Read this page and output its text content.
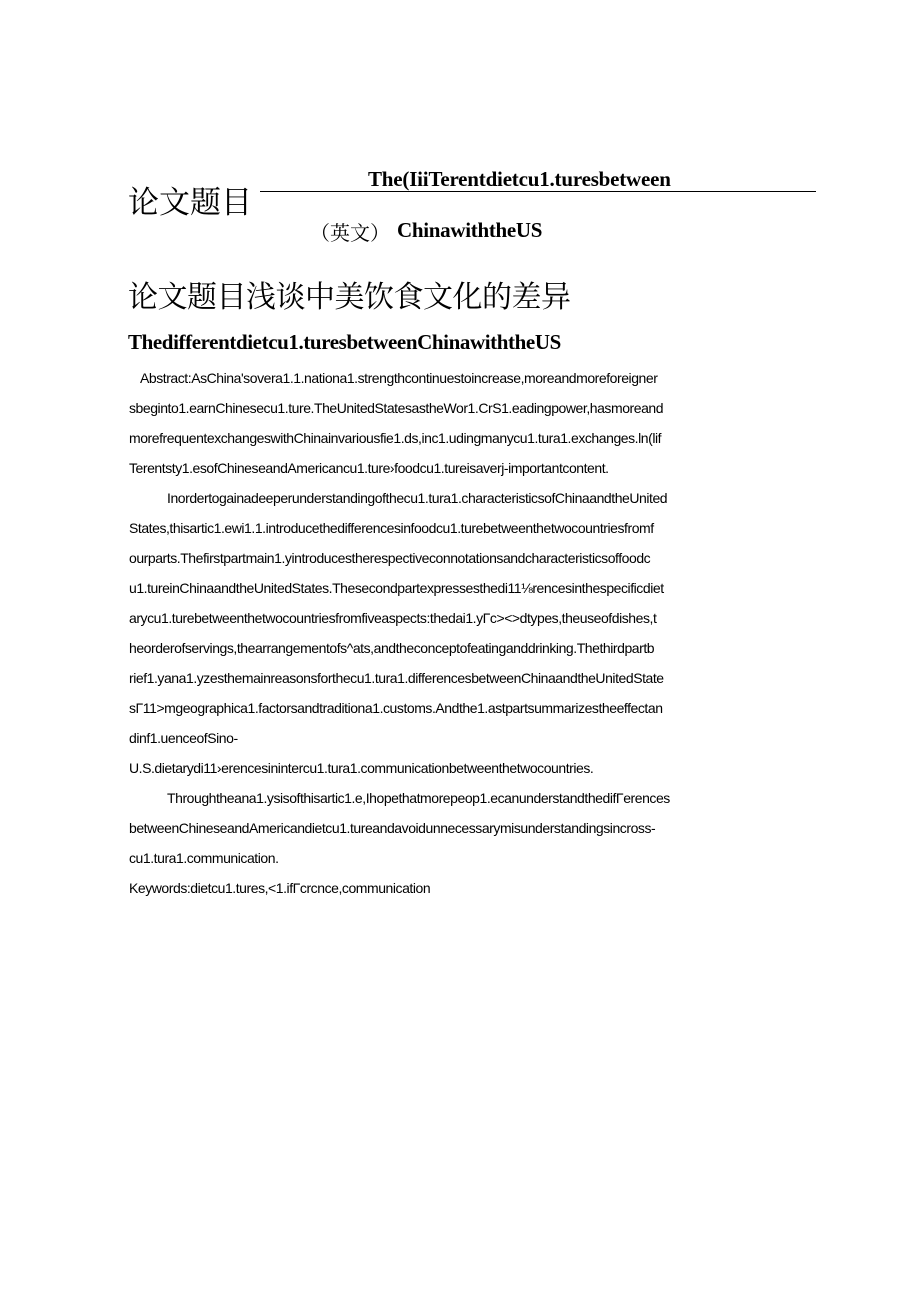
论文题目
The(IiiTerentdietcu1.turesbetween
（英文） ChinawiththeUS
论文题目浅谈中美饮食文化的差异
Thedifferentdietcu1.turesbetweenChinawiththeUS
Abstract:AsChina'sovera1.1.nationa1.strengthcontinuestoincrease,moreandmoreforeigner
sbeginto1.earnChinesecu1.ture.TheUnitedStatesastheWor1.CrS1.eadingpower,hasmoreand
morefrequentexchangeswithChinainvariousfie1.ds,inc1.udingmanycu1.tura1.exchanges.ln(lif
Terentsty1.esofChineseandAmericancu1.ture›foodcu1.tureisaverj-importantcontent.
Inordertogainadeeperunderstandingofthecu1.tura1.characteristicsofChinaandtheUnited
States,thisartic1.ewi1.1.introducethedifferencesinfoodcu1.turebetweenthetwocountriesfromf
ourparts.Thefirstpartmain1.yintroducestherespectiveconnotationsandcharacteristicsoffoodc
u1.tureinChinaandtheUnitedStates.Thesecondpartexpressesthedi11⅛rencesinthespecificdiet
arycu1.turebetweenthetwocountriesfromfiveaspects:thedai1.yΓc><>dtypes,theuseofdishes,t
heorderofservings,thearrangementofs^ats,andtheconceptofeatinganddrinking.Thethirdpartb
rief1.yana1.yzesthemainreasonsforthecu1.tura1.differencesbetweenChinaandtheUnitedState
sΓ11>mgeographica1.factorsandtraditiona1.customs.Andthe1.astpartsummarizestheeffectan
dinf1.uenceofSino-
U.S.dietarydi11›erencesinintercu1.tura1.communicationbetweenthetwocountries.
Throughtheana1.ysisofthisartic1.e,Ihopethatmorepeop1.ecanunderstandthedifΓerences
betweenChineseandAmericandietcu1.tureandavoidunnecessarymisunderstandingsincross-
cu1.tura1.communication.
Keywords:dietcu1.tures,<1.ifΓcrcnce,communication
